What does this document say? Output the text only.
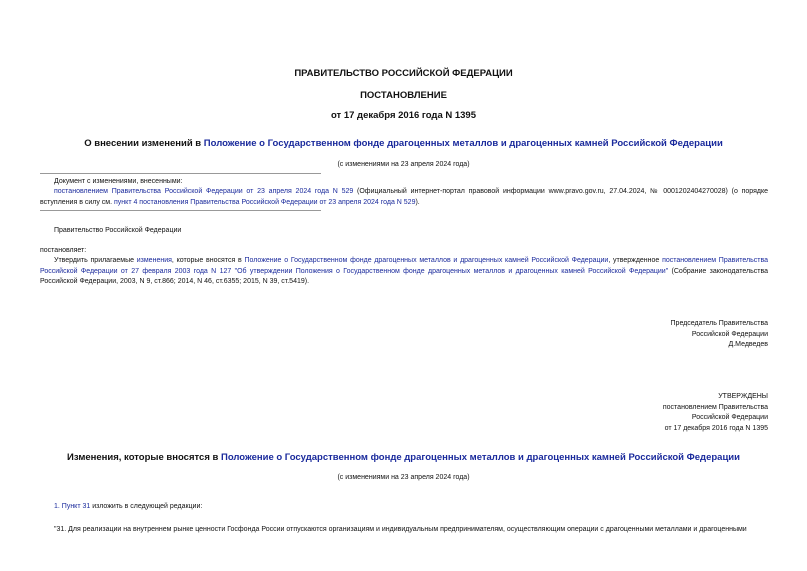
ПРАВИТЕЛЬСТВО РОССИЙСКОЙ ФЕДЕРАЦИИ
ПОСТАНОВЛЕНИЕ
от 17 декабря 2016 года N 1395
О внесении изменений в Положение о Государственном фонде драгоценных металлов и драгоценных камней Российской Федерации
(с изменениями на 23 апреля 2024 года)
Документ с изменениями, внесенными:
постановлением Правительства Российской Федерации от 23 апреля 2024 года N 529 (Официальный интернет-портал правовой информации www.pravo.gov.ru, 27.04.2024, № 0001202404270028) (о порядке вступления в силу см. пункт 4 постановления Правительства Российской Федерации от 23 апреля 2024 года N 529).
Правительство Российской Федерации
постановляет:
Утвердить прилагаемые изменения, которые вносятся в Положение о Государственном фонде драгоценных металлов и драгоценных камней Российской Федерации, утвержденное постановлением Правительства Российской Федерации от 27 февраля 2003 года N 127 "Об утверждении Положения о Государственном фонде драгоценных металлов и драгоценных камней Российской Федерации" (Собрание законодательства Российской Федерации, 2003, N 9, ст.866; 2014, N 46, ст.6355; 2015, N 39, ст.5419).
Председатель Правительства
Российской Федерации
Д.Медведев
УТВЕРЖДЕНЫ
постановлением Правительства
Российской Федерации
от 17 декабря 2016 года N 1395
Изменения, которые вносятся в Положение о Государственном фонде драгоценных металлов и драгоценных камней Российской Федерации
(с изменениями на 23 апреля 2024 года)
1. Пункт 31 изложить в следующей редакции:
"31. Для реализации на внутреннем рынке ценности Госфонда России отпускаются организациям и индивидуальным предпринимателям, осуществляющим операции с драгоценными металлами и драгоценными
